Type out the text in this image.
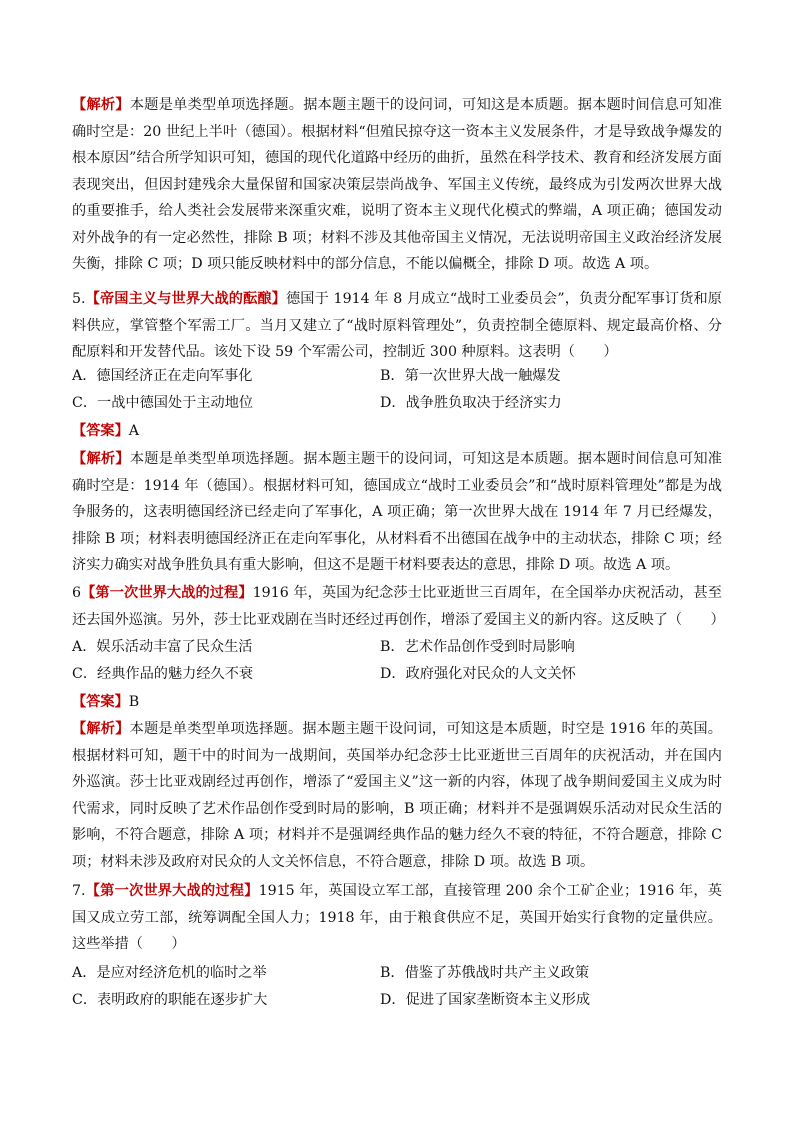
【解析】本题是单类型单项选择题。据本题主题干的设问词，可知这是本质题。据本题时间信息可知准确时空是：20 世纪上半叶（德国）。根据材料“但殖民掠夺这一资本主义发展条件，才是导致战争爆发的根本原因”结合所学知识可知，德国的现代化道路中经历的曲折，虽然在科学技术、教育和经济发展方面表现突出，但因封建残余大量保留和国家决策层崇尚战争、军国主义传统，最终成为引发两次世界大战的重要推手，给人类社会发展带来深重灾难，说明了资本主义现代化模式的弊端，A 项正确；德国发动对外战争的有一定必然性，排除 B 项；材料不涉及其他帝国主义情况，无法说明帝国主义政治经济发展失衡，排除 C 项；D 项只能反映材料中的部分信息，不能以偏概全，排除 D 项。故选 A 项。
5.【帝国主义与世界大战的酝酿】德国于 1914 年 8 月成立“战时工业委员会”，负责分配军事订货和原料供应，掌管整个军需工厂。当月又建立了“战时原料管理处”，负责控制全德原料、规定最高价格、分配原料和开发替代品。该处下设 59 个军需公司，控制近 300 种原料。这表明（　　）
A．德国经济正在走向军事化	B．第一次世界大战一触爆发
C．一战中德国处于主动地位	D．战争胜负取决于经济实力
【答案】A
【解析】本题是单类型单项选择题。据本题主题干的设问词，可知这是本质题。据本题时间信息可知准确时空是：1914 年（德国）。根据材料可知，德国成立“战时工业委员会”和“战时原料管理处”都是为战争服务的，这表明德国经济已经走向了军事化，A 项正确；第一次世界大战在 1914 年 7 月已经爆发，排除 B 项；材料表明德国经济正在走向军事化，从材料看不出德国在战争中的主动状态，排除 C 项；经济实力确实对战争胜负具有重大影响，但这不是题干材料要表达的意思，排除 D 项。故选 A 项。
6【第一次世界大战的过程】1916 年，英国为纪念莎士比亚逝世三百周年，在全国举办庆祝活动，甚至还去国外巡演。另外，莎士比亚戏剧在当时还经过再创作，增添了爱国主义的新内容。这反映了（　　）
A．娱乐活动丰富了民众生活	B．艺术作品创作受到时局影响
C．经典作品的魅力经久不衰	D．政府强化对民众的人文关怀
【答案】B
【解析】本题是单类型单项选择题。据本题主题干设问词，可知这是本质题，时空是 1916 年的英国。根据材料可知，题干中的时间为一战期间，英国举办纪念莎士比亚逝世三百周年的庆祝活动，并在国内外巡演。莎士比亚戏剧经过再创作，增添了“爱国主义”这一新的内容，体现了战争期间爱国主义成为时代需求，同时反映了艺术作品创作受到时局的影响，B 项正确；材料并不是强调娱乐活动对民众生活的影响，不符合题意，排除 A 项；材料并不是强调经典作品的魅力经久不衰的特征，不符合题意，排除 C 项；材料未涉及政府对民众的人文关怀信息，不符合题意，排除 D 项。故选 B 项。
7.【第一次世界大战的过程】1915 年，英国设立军工部，直接管理 200 余个工矿企业；1916 年，英国又成立劳工部，统筹调配全国人力；1918 年，由于粮食供应不足，英国开始实行食物的定量供应。这些举措（　　）
A．是应对经济危机的临时之举	B．借鉴了苏俄战时共产主义政策
C．表明政府的职能在逐步扩大	D．促进了国家垄断资本主义形成
